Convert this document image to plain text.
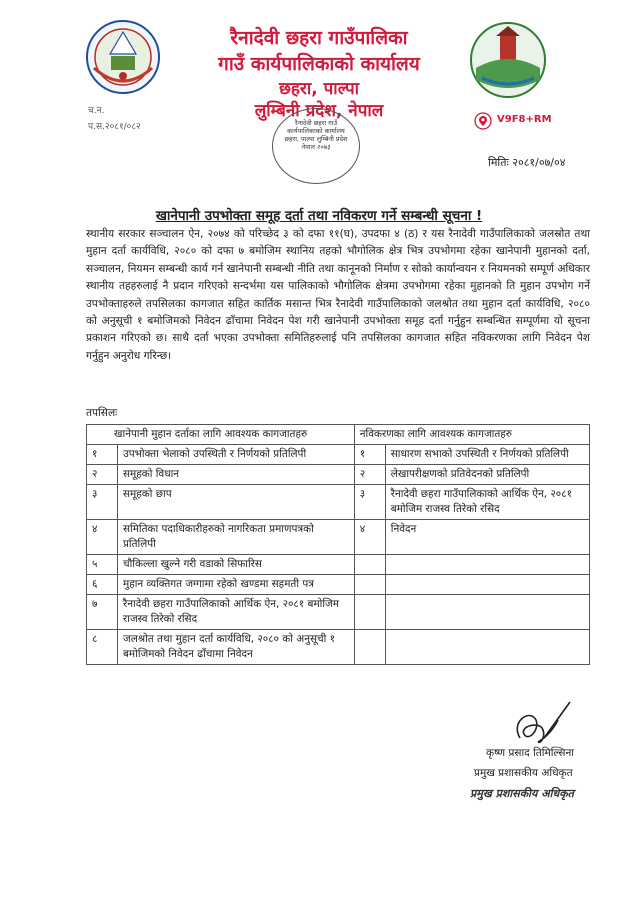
रैनादेवी छहरा गाउँपालिका
गाउँ कार्यपालिकाको कार्यालय
छहरा, पाल्पा
लुम्बिनी प्रदेश, नेपाल
च.न.
प.स.२०८१/०८२
V9F8+RM
रैनादेवी छहरा गाउँ कार्यपालिकाको कार्यालय छहरा, पाल्पा लुम्बिनी प्रदेश नेपाल २०७३
मितिः २०८१/०७/०४
खानेपानी उपभोक्ता समूह दर्ता तथा नविकरण गर्ने सम्बन्धी सूचना !
स्थानीय सरकार सञ्चालन ऐन, २०७४ को परिच्छेद ३ को दफा ११(घ), उपदफा ४ (ठ) र यस रैनादेवी गाउँपालिकाको जलस्रोत तथा मुहान दर्ता कार्यविधि, २०८० को दफा ७ बमोजिम स्थानिय तहको भौगोलिक क्षेत्र भित्र उपभोगमा रहेका खानेपानी मुहानको दर्ता, सञ्चालन, नियमन सम्बन्धी कार्य गर्न खानेपानी सम्बन्धी नीति तथा कानूनको निर्माण र सोको कार्यान्वयन र नियमनको सम्पूर्ण अधिकार स्थानीय तहहरुलाई नै प्रदान गरिएको सन्दर्भमा यस पालिकाको भौगोलिक क्षेत्रमा उपभोगमा रहेका मुहानको ति मुहान उपभोग गर्ने उपभोक्ताहरुले तपसिलका कागजात सहित कार्तिक मसान्त भित्र रैनादेवी गाउँपालिकाको जलश्रोत तथा मुहान दर्ता कार्यविधि, २०८० को अनुसूची १ बमोजिमको निवेदन ढाँचामा निवेदन पेश गरी खानेपानी उपभोक्ता समूह दर्ता गर्नुहुन सम्बन्धित सम्पूर्णमा यो सूचना प्रकाशन गरिएको छ। साथै दर्ता भएका उपभोक्ता समितिहरुलाई पनि तपसिलका कागजात सहित नविकरणका लागि निवेदन पेश गर्नुहुन अनुरोध गरिन्छ।
तपसिलः
खानेपानी मुहान दर्ताका लागि आवश्यक कागजातहरु		नविकरणका लागि आवश्यक कागजातहरु	
१	उपभोक्ता भेलाको उपस्थिती र निर्णयको प्रतिलिपी	१	साधारण सभाको उपस्थिती र निर्णयको प्रतिलिपी
२	समूहको विधान	२	लेखापरीक्षणको प्रतिवेदनको प्रतिलिपी
३	समूहको छाप	३	रैनादेवी छहरा गाउँपालिकाको आर्थिक ऐन, २०८१ बमोजिम राजस्व तिरेको रसिद
४	समितिका पदाधिकारीहरुको नागरिकता प्रमाणपत्रको प्रतिलिपी	४	निवेदन
५	चौकिल्ला खुल्ने गरी वडाको सिफारिस		
६	मुहान व्यक्तिगत जग्गामा रहेको खण्डमा सहमती पत्र		
७	रैनादेवी छहरा गाउँपालिकाको आर्थिक ऐन, २०८१ बमोजिम राजस्व तिरेको रसिद		
८	जलश्रोत तथा मुहान दर्ता कार्यविधि, २०८० को अनुसूची १ बमोजिमको निवेदन ढाँचामा निवेदन		
कृष्ण प्रसाद तिमिल्सिना
प्रमुख प्रशासकीय अधिकृत
प्रमुख प्रशासकीय अधिकृत
